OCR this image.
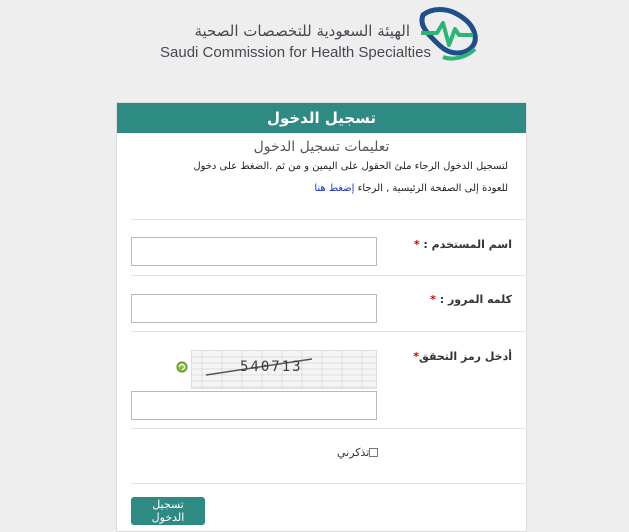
الهيئة السعودية للتخصصات الصحية
Saudi Commission for Health Specialties
تسجيل الدخول
تعليمات تسجيل الدخول
لتسجيل الدخول الرجاء ملئ الحقول على اليمين و من ثم .الضغط على دخول
للعودة إلى الصفحة الرئيسية , الرجاء إضغط هنا
اسم المستخدم : *
كلمه المرور : *
أدخل رمز التحقق*
540713
تذكرني
تسجيل الدخول
